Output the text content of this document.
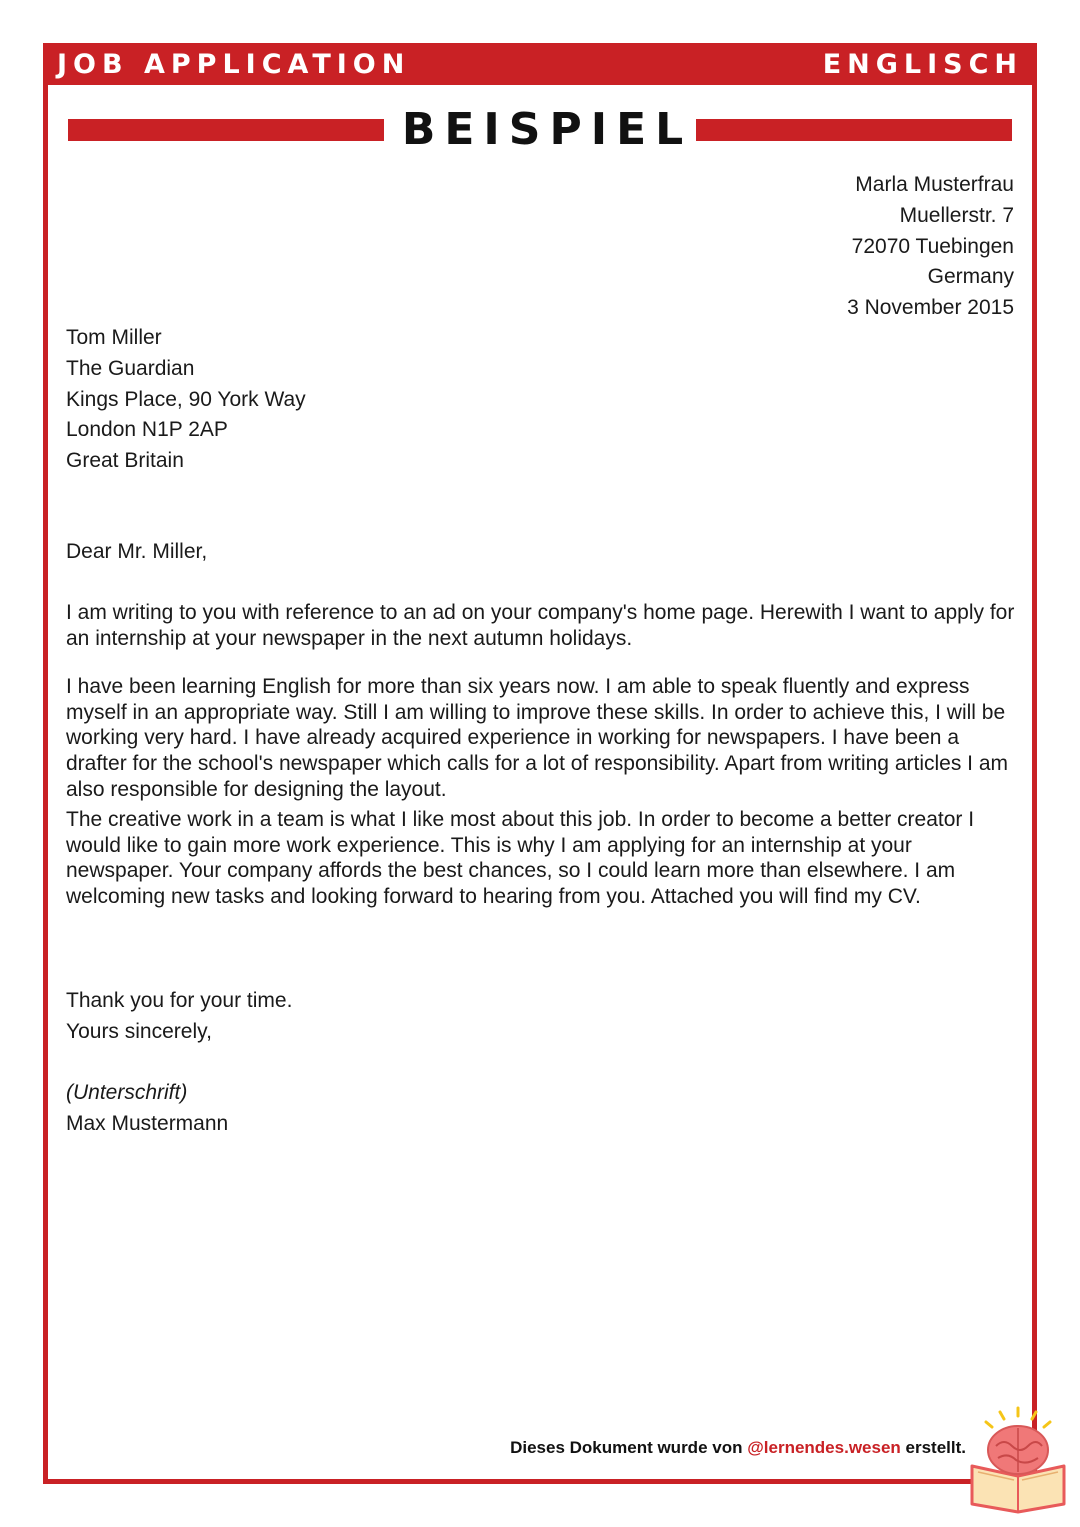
JOB APPLICATION	ENGLISCH
BEISPIEL
Marla Musterfrau
Muellerstr. 7
72070 Tuebingen
Germany
3 November 2015
Tom Miller
The Guardian
Kings Place, 90 York Way
London N1P 2AP
Great Britain
Dear Mr. Miller,

I am writing to you with reference to an ad on your company's home page. Herewith I want to apply for an internship at your newspaper in the next autumn holidays.

I have been learning English for more than six years now. I am able to speak fluently and express myself in an appropriate way. Still I am willing to improve these skills. In order to achieve this, I will be working very hard. I have already acquired experience in working for newspapers. I have been a drafter for the school's newspaper which calls for a lot of responsibility. Apart from writing articles I am also responsible for designing the layout.

The creative work in a team is what I like most about this job. In order to become a better creator I would like to gain more work experience. This is why I am applying for an internship at your newspaper. Your company affords the best chances, so I could learn more than elsewhere. I am welcoming new tasks and looking forward to hearing from you. Attached you will find my CV.

Thank you for your time.
Yours sincerely,
(Unterschrift)
Max Mustermann
Dieses Dokument wurde von @lernendes.wesen erstellt.
